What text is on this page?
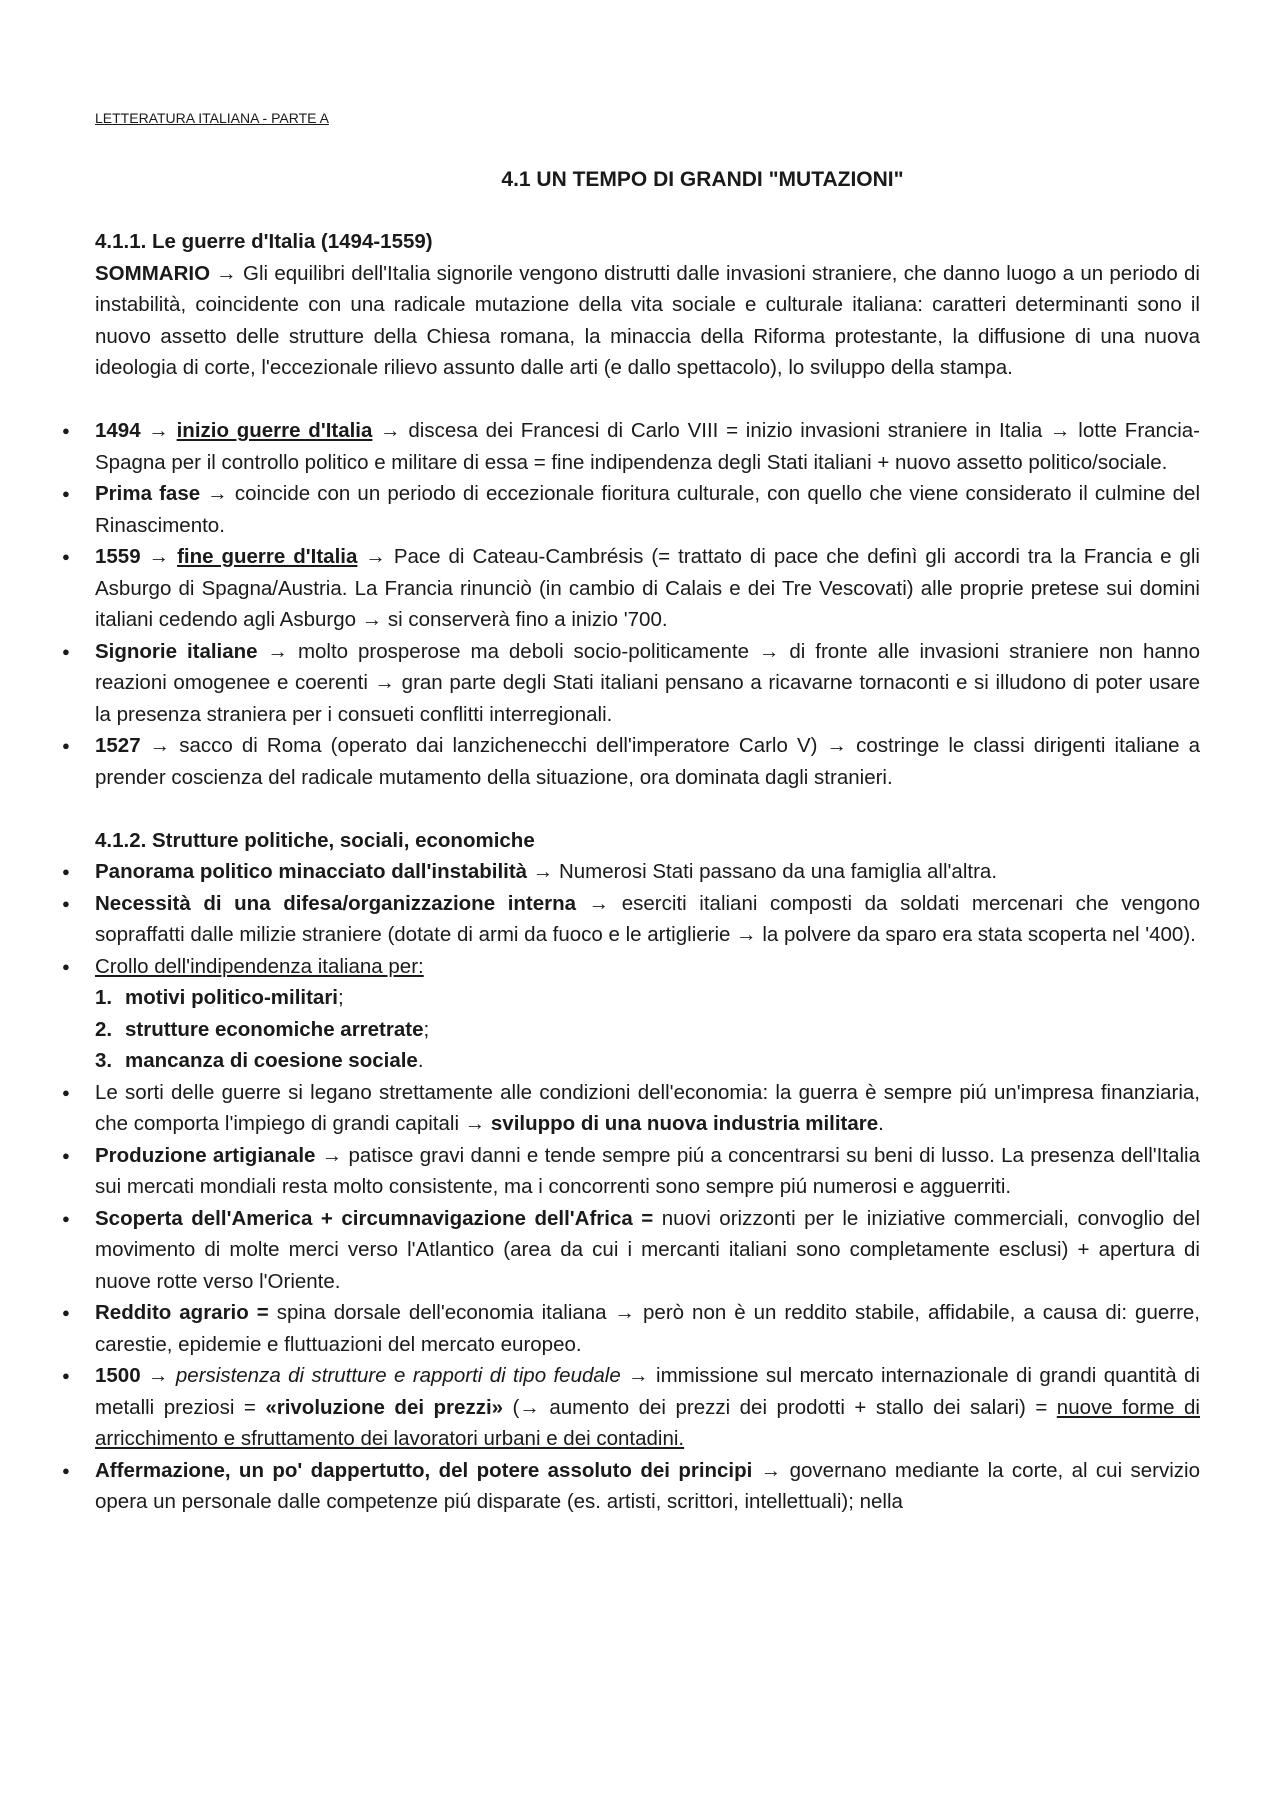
LETTERATURA ITALIANA - PARTE A
4.1 UN TEMPO DI GRANDI "MUTAZIONI"

4.1.1. Le guerre d'Italia (1494-1559)

SOMMARIO → Gli equilibri dell'Italia signorile vengono distrutti dalle invasioni straniere, che danno luogo a un periodo di instabilità, coincidente con una radicale mutazione della vita sociale e culturale italiana: caratteri determinanti sono il nuovo assetto delle strutture della Chiesa romana, la minaccia della Riforma protestante, la diffusione di una nuova ideologia di corte, l'eccezionale rilievo assunto dalle arti (e dallo spettacolo), lo sviluppo della stampa.

● 1494 → inizio guerre d'Italia → discesa dei Francesi di Carlo VIII = inizio invasioni straniere in Italia → lotte Francia-Spagna per il controllo politico e militare di essa = fine indipendenza degli Stati italiani + nuovo assetto politico/sociale.
● Prima fase → coincide con un periodo di eccezionale fioritura culturale, con quello che viene considerato il culmine del Rinascimento.
● 1559 → fine guerre d'Italia → Pace di Cateau-Cambrésis (= trattato di pace che definì gli accordi tra la Francia e gli Asburgo di Spagna/Austria. La Francia rinunciò (in cambio di Calais e dei Tre Vescovati) alle proprie pretese sui domini italiani cedendo agli Asburgo → si conserverà fino a inizio '700.
● Signorie italiane → molto prosperose ma deboli socio-politicamente → di fronte alle invasioni straniere non hanno reazioni omogenee e coerenti → gran parte degli Stati italiani pensano a ricavarne tornaconti e si illudono di poter usare la presenza straniera per i consueti conflitti interregionali.
● 1527 → sacco di Roma (operato dai lanzichenecchi dell'imperatore Carlo V) → costringe le classi dirigenti italiane a prender coscienza del radicale mutamento della situazione, ora dominata dagli stranieri.

4.1.2. Strutture politiche, sociali, economiche

● Panorama politico minacciato dall'instabilità → Numerosi Stati passano da una famiglia all'altra.
● Necessità di una difesa/organizzazione interna → eserciti italiani composti da soldati mercenari che vengono sopraffatti dalle milizie straniere (dotate di armi da fuoco e le artiglierie → la polvere da sparo era stata scoperta nel '400).
● Crollo dell'indipendenza italiana per:
1. motivi politico-militari;
2. strutture economiche arretrate;
3. mancanza di coesione sociale.
● Le sorti delle guerre si legano strettamente alle condizioni dell'economia: la guerra è sempre piú un'impresa finanziaria, che comporta l'impiego di grandi capitali → sviluppo di una nuova industria militare.
● Produzione artigianale → patisce gravi danni e tende sempre piú a concentrarsi su beni di lusso. La presenza dell'Italia sui mercati mondiali resta molto consistente, ma i concorrenti sono sempre piú numerosi e agguerriti.
● Scoperta dell'America + circumnavigazione dell'Africa = nuovi orizzonti per le iniziative commerciali, convoglio del movimento di molte merci verso l'Atlantico (area da cui i mercanti italiani sono completamente esclusi) + apertura di nuove rotte verso l'Oriente.
● Reddito agrario = spina dorsale dell'economia italiana → però non è un reddito stabile, affidabile, a causa di: guerre, carestie, epidemie e fluttuazioni del mercato europeo.
● 1500 → persistenza di strutture e rapporti di tipo feudale → immissione sul mercato internazionale di grandi quantità di metalli preziosi = «rivoluzione dei prezzi» (→ aumento dei prezzi dei prodotti + stallo dei salari) = nuove forme di arricchimento e sfruttamento dei lavoratori urbani e dei contadini.
● Affermazione, un po' dappertutto, del potere assoluto dei principi → governano mediante la corte, al cui servizio opera un personale dalle competenze piú disparate (es. artisti, scrittori, intellettuali); nella
